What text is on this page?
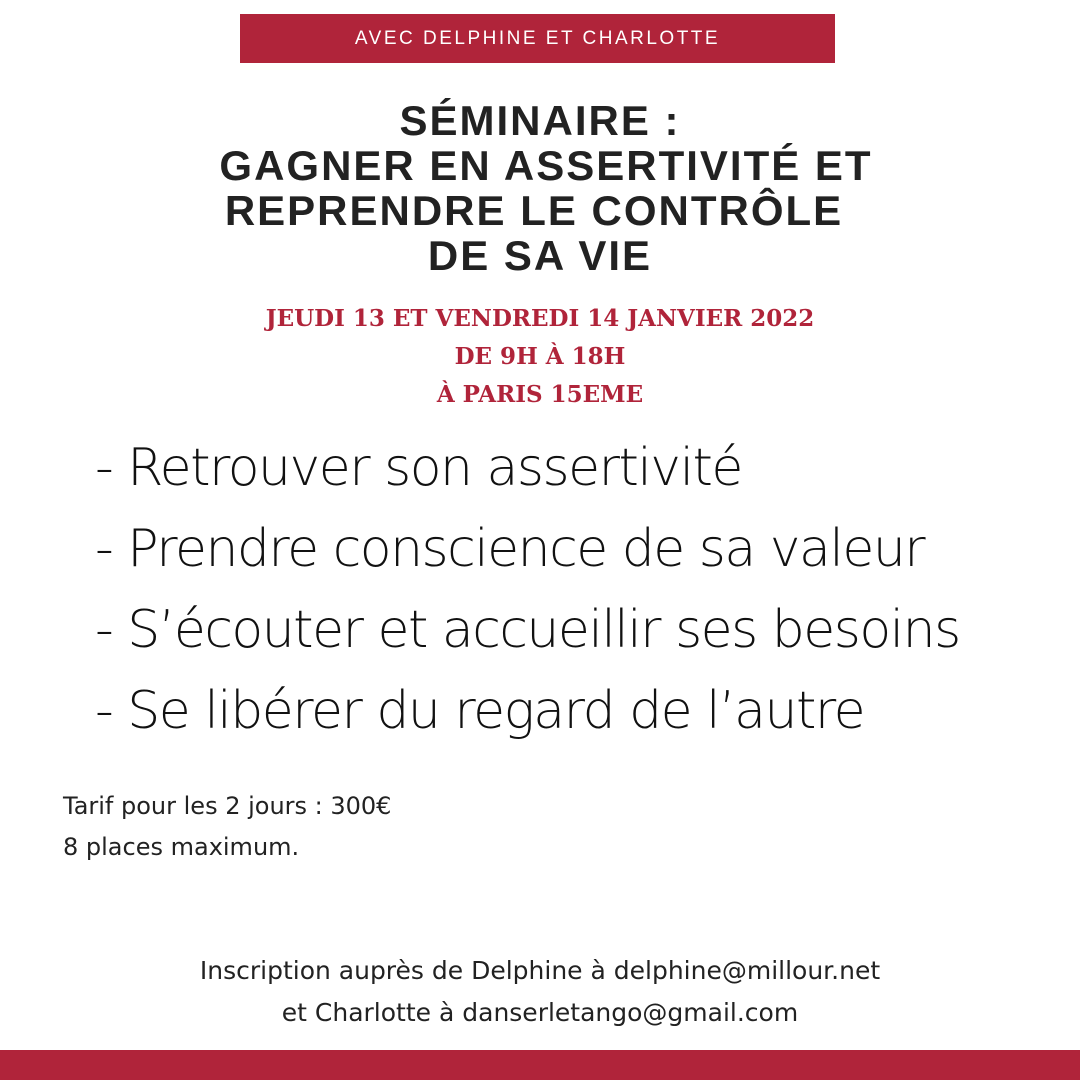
AVEC DELPHINE ET CHARLOTTE
SÉMINAIRE :
GAGNER EN ASSERTIVITÉ ET
REPRENDRE LE CONTRÔLE
DE SA VIE
JEUDI 13 ET VENDREDI 14 JANVIER 2022
DE 9H À 18H
À PARIS 15EME
- Retrouver son assertivité
- Prendre conscience de sa valeur
- S’écouter et accueillir ses besoins
- Se libérer du regard de l’autre
Tarif pour les 2 jours : 300€
8 places maximum.
Inscription auprès de Delphine à delphine@millour.net
et Charlotte à danserletango@gmail.com
